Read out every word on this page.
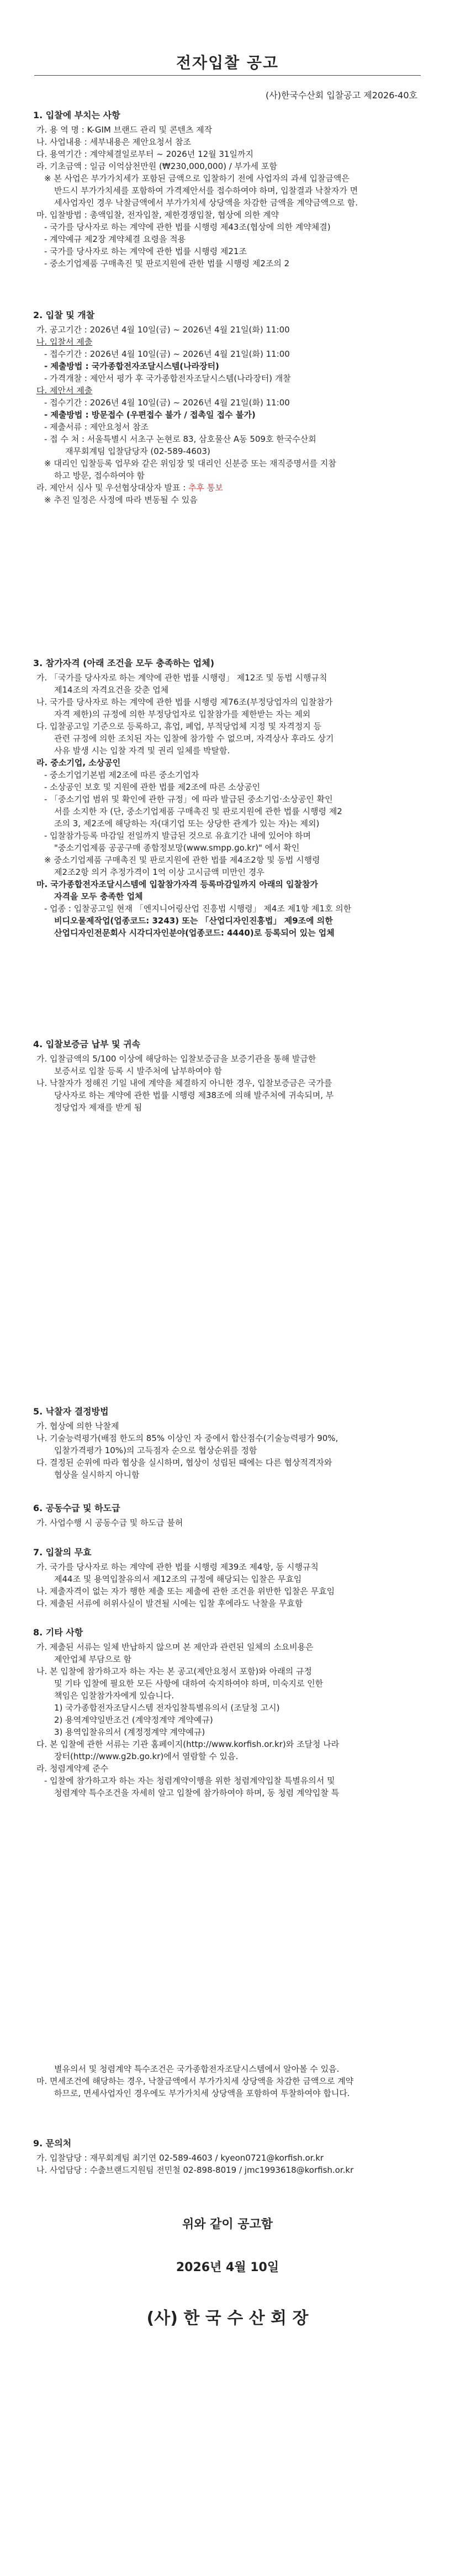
전자입찰 공고
(사)한국수산회 입찰공고 제2026-40호

1. 입찰에 부치는 사항

가. 용 역 명 : K-GIM 브랜드 관리 및 콘텐츠 제작

나. 사업내용 : 세부내용은 제안요청서 참조

다. 용역기간 : 계약체결일로부터 ~ 2026년 12월 31일까지

라. 기초금액 : 일금 이억삼천만원 (₩230,000,000) / 부가세 포함

※ 본 사업은 부가가치세가 포함된 금액으로 입찰하기 전에 사업자의 과세 입찰금액은

반드시 부가가치세를 포함하여 가격제안서를 접수하여야 하며, 입찰결과 낙찰자가 면

세사업자인 경우 낙찰금액에서 부가가치세 상당액을 차감한 금액을 계약금액으로 함.

마. 입찰방법 : 총액입찰, 전자입찰, 제한경쟁입찰, 협상에 의한 계약

- 국가를 당사자로 하는 계약에 관한 법률 시행령 제43조(협상에 의한 계약체결)

- 계약예규 제2장 계약체결 요령을 적용

- 국가를 당사자로 하는 계약에 관한 법률 시행령 제21조

- 중소기업제품 구매촉진 및 판로지원에 관한 법률 시행령 제2조의 2

2. 입찰 및 개찰

가. 공고기간 : 2026년 4월 10일(금) ~ 2026년 4월 21일(화) 11:00

나. 입찰서 제출

- 접수기간 : 2026년 4월 10일(금) ~ 2026년 4월 21일(화) 11:00

- 제출방법 : 국가종합전자조달시스템(나라장터)

- 가격개찰 : 제안서 평가 후 국가종합전자조달시스템(나라장터) 개찰

다. 제안서 제출

- 접수기간 : 2026년 4월 10일(금) ~ 2026년 4월 21일(화) 11:00

- 제출방법 : 방문접수 (우편접수 불가 / 접촉일 접수 불가)

- 제출서류 : 제안요청서 참조

- 접 수 처 : 서울특별시 서초구 논현로 83, 삼호물산 A동 509호 한국수산회

재무회계팀 입찰담당자 (02-589-4603)

※ 대리인 입찰등록 업무와 같은 위임장 및 대리인 신분증 또는 재직증명서를 지참

하고 방문, 접수하여야 함

라. 제안서 심사 및 우선협상대상자 발표 : 추후 통보

※ 추진 일정은 사정에 따라 변동될 수 있음

3. 참가자격 (아래 조건을 모두 충족하는 업체)

가. 「국가를 당사자로 하는 계약에 관한 법률 시행령」 제12조 및 동법 시행규칙

제14조의 자격요건을 갖춘 업체

나. 국가를 당사자로 하는 계약에 관한 법률 시행령 제76조(부정당업자의 입찰참가

자격 제한)의 규정에 의한 부정당업자로 입찰참가를 제한받는 자는 제외

다. 입찰공고일 기준으로 등록하고, 휴업, 폐업, 부적당업체 지정 및 자격정지 등

관련 규정에 의한 조치된 자는 입찰에 참가할 수 없으며, 자격상사 후라도 상기

사유 발생 시는 입찰 자격 및 권리 일체를 박탈함.

라. 중소기업, 소상공인

- 중소기업기본법 제2조에 따른 중소기업자

- 소상공인 보호 및 지원에 관한 법률 제2조에 따른 소상공인

- 「중소기업 범위 및 확인에 관한 규정」에 따라 발급된 중소기업·소상공인 확인

서를 소지한 자 (단, 중소기업제품 구매촉진 및 판로지원에 관한 법률 시행령 제2

조의 3, 제2조에 해당하는 자(대기업 또는 상당한 관계가 있는 자)는 제외)

- 입찰참가등록 마감일 전일까지 발급된 것으로 유효기간 내에 있어야 하며

"중소기업제품 공공구매 종합정보망(www.smpp.go.kr)" 에서 확인

※ 중소기업제품 구매촉진 및 판로지원에 관한 법률 제4조2항 및 동법 시행령

제2조2항 의거 추정가격이 1억 이상 고시금액 미만인 경우

마. 국가종합전자조달시스템에 입찰참가자격 등록마감일까지 아래의 입찰참가

자격을 모두 충족한 업체

- 업종 : 입찰공고일 현재 「엔지니어링산업 진흥법 시행령」 제4조 제1항 제1호 의한

비디오물제작업(업종코드: 3243) 또는 「산업디자인진흥법」 제9조에 의한

산업디자인전문회사 시각디자인분야(업종코드: 4440)로 등록되어 있는 업체

4. 입찰보증금 납부 및 귀속

가. 입찰금액의 5/100 이상에 해당하는 입찰보증금을 보증기관을 통해 발급한

보증서로 입찰 등록 시 발주처에 납부하여야 함

나. 낙찰자가 정해진 기일 내에 계약을 체결하지 아니한 경우, 입찰보증금은 국가를

당사자로 하는 계약에 관한 법률 시행령 제38조에 의해 발주처에 귀속되며, 부

정당업자 제재를 받게 됨

5. 낙찰자 결정방법

가. 협상에 의한 낙찰제

나. 기술능력평가(배점 한도의 85% 이상인 자 중에서 합산점수(기술능력평가 90%,

입찰가격평가 10%)의 고득점자 순으로 협상순위를 정함

다. 결정된 순위에 따라 협상을 실시하며, 협상이 성립된 때에는 다른 협상적격자와

협상을 실시하지 아니함

6. 공동수급 및 하도급

가. 사업수행 시 공동수급 및 하도급 불허

7. 입찰의 무효

가. 국가를 당사자로 하는 계약에 관한 법률 시행령 제39조 제4항, 동 시행규칙

제44조 및 용역입찰유의서 제12조의 규정에 해당되는 입찰은 무효임

나. 제출자격이 없는 자가 행한 제출 또는 제출에 관한 조건을 위반한 입찰은 무효임

다. 제출된 서류에 허위사실이 발견될 시에는 입찰 후에라도 낙찰을 무효함

8. 기타 사항

가. 제출된 서류는 일체 반납하지 않으며 본 제안과 관련된 일체의 소요비용은

제안업체 부담으로 함

나. 본 입찰에 참가하고자 하는 자는 본 공고(제안요청서 포함)와 아래의 규정

및 기타 입찰에 필요한 모든 사항에 대하여 숙지하여야 하며, 미숙지로 인한

책임은 입찰참가자에게 있습니다.

1) 국가종합전자조달시스템 전자입찰특별유의서 (조달청 고시)

2) 용역계약일반조건 (계약정계약 계약예규)

3) 용역입찰유의서 (계정정계약 계약예규)

다. 본 입찰에 관한 서류는 기관 홈페이지(http://www.korfish.or.kr)와 조달청 나라

장터(http://www.g2b.go.kr)에서 열람할 수 있음.

라. 청렴계약제 준수

- 입찰에 참가하고자 하는 자는 청렴계약이행을 위한 청렴계약입찰 특별유의서 및

청렴계약 특수조건을 자세히 알고 입찰에 참가하여야 하며, 동 청렴 계약입찰 특

별유의서 및 청렴계약 특수조건은 국가종합전자조달시스템에서 알아볼 수 있음.

마. 면세조건에 해당하는 경우, 낙찰금액에서 부가가치세 상당액을 차감한 금액으로 계약

하므로, 면세사업자인 경우에도 부가가치세 상당액을 포함하여 투찰하여야 합니다.

9. 문의처

가. 입찰담당 : 재무회계팀 최기연 02-589-4603 / kyeon0721@korfish.or.kr

나. 사업담당 : 수출브랜드지원팀 전민철 02-898-8019 / jmc1993618@korfish.or.kr

위와 같이 공고함
2026년 4월 10일
(사) 한 국 수 산 회 장
